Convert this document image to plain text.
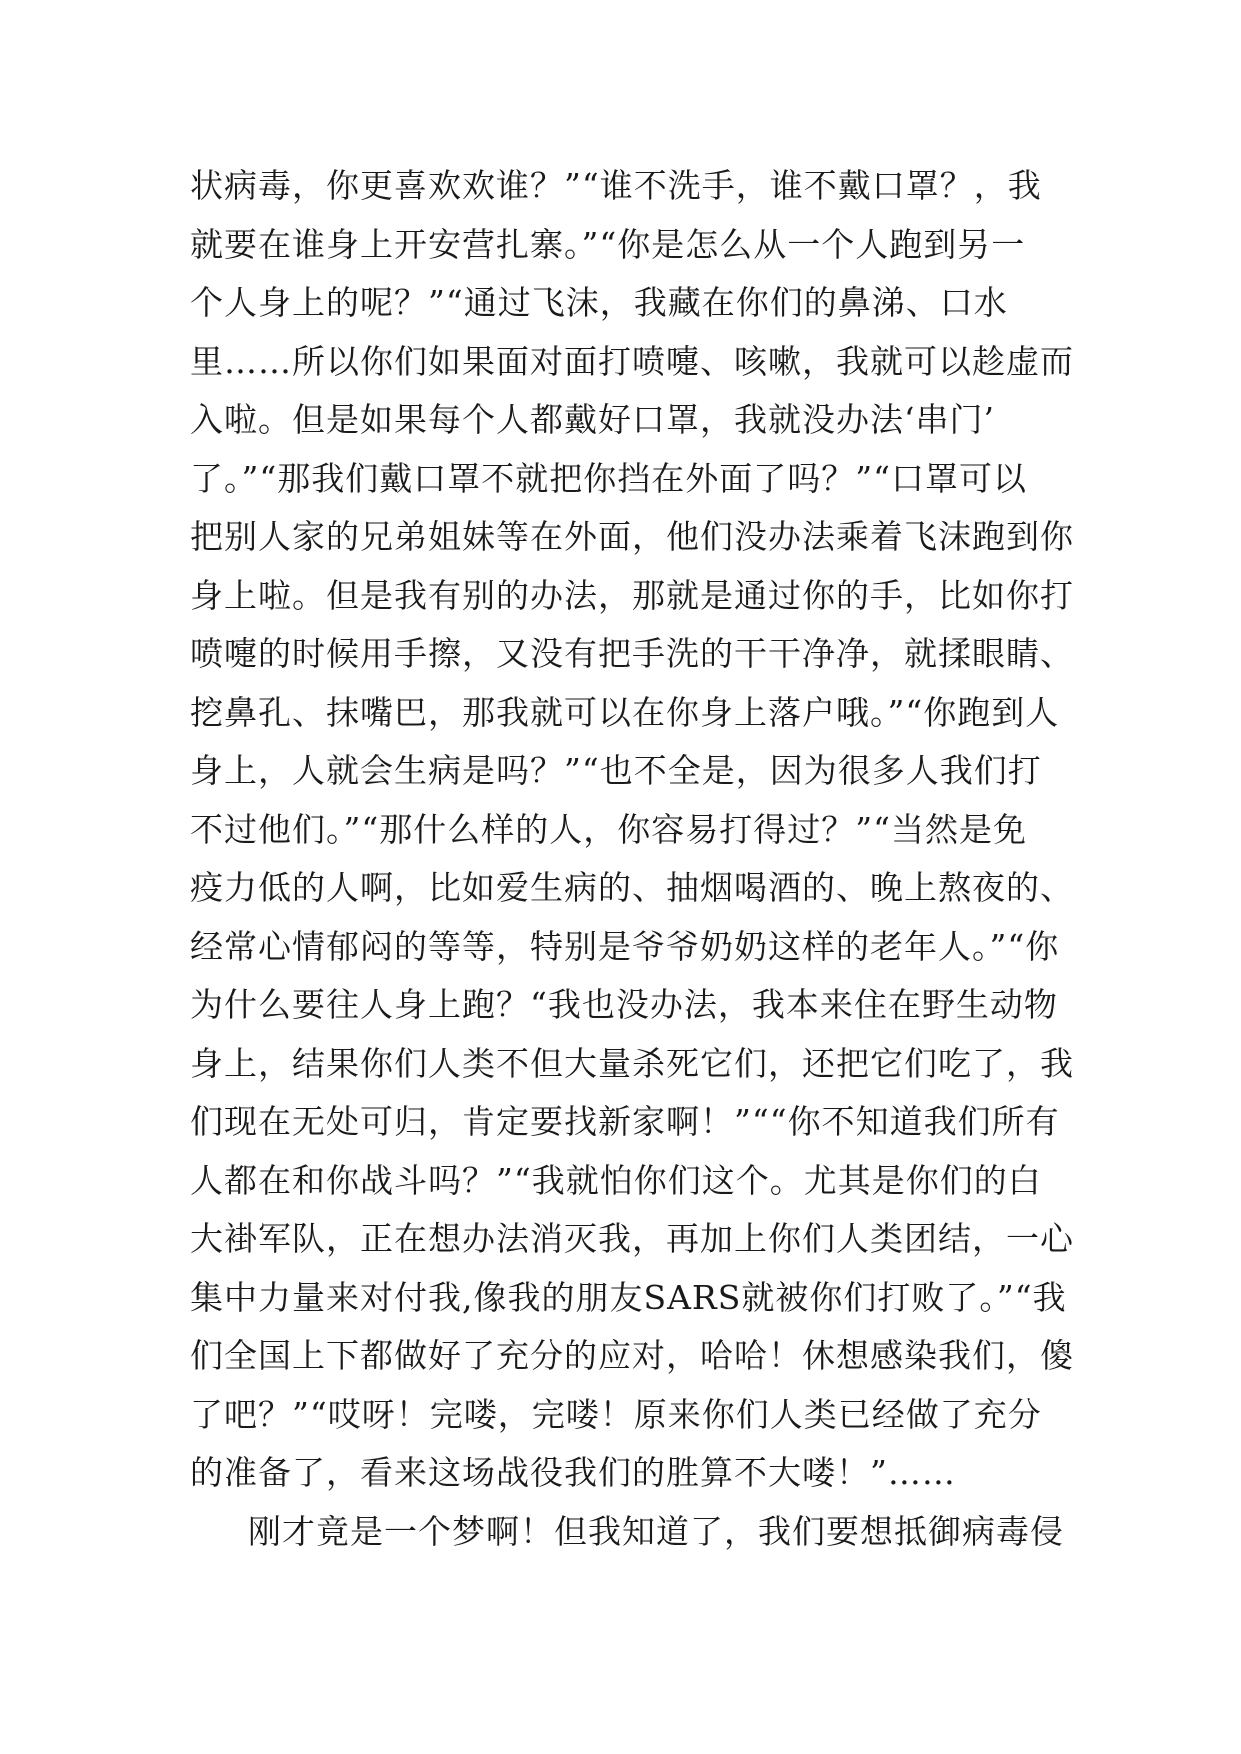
状病毒，你更喜欢欢谁？”“谁不洗手，谁不戴口罩？，我
就要在谁身上开安营扎寨。”“你是怎么从一个人跑到另一
个人身上的呢？”“通过飞沫，我藏在你们的鼻涕、口水
里……所以你们如果面对面打喷嚏、咳嗽，我就可以趁虚而
入啦。但是如果每个人都戴好口罩，我就没办法‘串门’
了。”“那我们戴口罩不就把你挡在外面了吗？”“口罩可以
把别人家的兄弟姐妹等在外面，他们没办法乘着飞沫跑到你
身上啦。但是我有别的办法，那就是通过你的手，比如你打
喷嚏的时候用手擦，又没有把手洗的干干净净，就揉眼睛、
挖鼻孔、抹嘴巴，那我就可以在你身上落户哦。”“你跑到人
身上，人就会生病是吗？”“也不全是，因为很多人我们打
不过他们。”“那什么样的人，你容易打得过？”“当然是免
疫力低的人啊，比如爱生病的、抽烟喝酒的、晚上熬夜的、
经常心情郁闷的等等，特别是爷爷奶奶这样的老年人。”“你
为什么要往人身上跑？“我也没办法，我本来住在野生动物
身上，结果你们人类不但大量杀死它们，还把它们吃了，我
们现在无处可归，肯定要找新家啊！”““你不知道我们所有
人都在和你战斗吗？”“我就怕你们这个。尤其是你们的白
大褂军队，正在想办法消灭我，再加上你们人类团结，一心
集中力量来对付我,像我的朋友SARS就被你们打败了。”“我
们全国上下都做好了充分的应对，哈哈！休想感染我们，傻
了吧？”“哎呀！完喽，完喽！原来你们人类已经做了充分
的准备了，看来这场战役我们的胜算不大喽！”……
刚才竟是一个梦啊！但我知道了，我们要想抵御病毒侵
